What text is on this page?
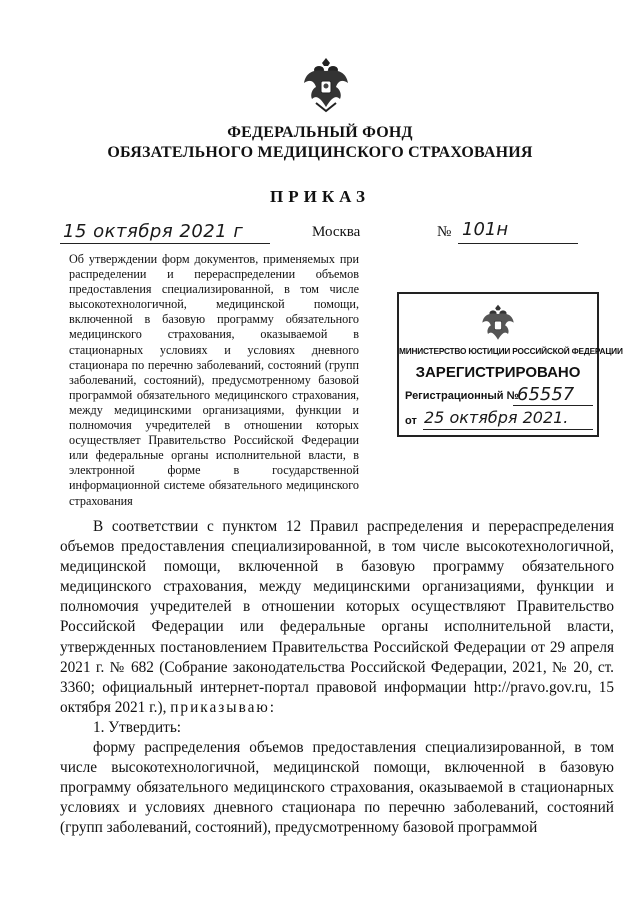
ФЕДЕРАЛЬНЫЙ ФОНД
ОБЯЗАТЕЛЬНОГО МЕДИЦИНСКОГО СТРАХОВАНИЯ
ПРИКАЗ
15 октября 2021 г	Москва	№ 101н
Об утверждении форм документов, применяемых при распределении и перераспределении объемов предоставления специализированной, в том числе высокотехнологичной, медицинской помощи, включенной в базовую программу обязательного медицинского страхования, оказываемой в стационарных условиях и условиях дневного стационара по перечню заболеваний, состояний (групп заболеваний, состояний), предусмотренному базовой программой обязательного медицинского страхования, между медицинскими организациями, функции и полномочия учредителей в отношении которых осуществляет Правительство Российской Федерации или федеральные органы исполнительной власти, в электронной форме в государственной информационной системе обязательного медицинского страхования
МИНИСТЕРСТВО ЮСТИЦИИ РОССИЙСКОЙ ФЕДЕРАЦИИ
ЗАРЕГИСТРИРОВАНО
Регистрационный №
65557
от 25 октября 2021.

В соответствии с пунктом 12 Правил распределения и перераспределения объемов предоставления специализированной, в том числе высокотехнологичной, медицинской помощи, включенной в базовую программу обязательного медицинского страхования, между медицинскими организациями, функции и полномочия учредителей в отношении которых осуществляют Правительство Российской Федерации или федеральные органы исполнительной власти, утвержденных постановлением Правительства Российской Федерации от 29 апреля 2021 г. № 682 (Собрание законодательства Российской Федерации, 2021, № 20, ст. 3360; официальный интернет-портал правовой информации http://pravo.gov.ru, 15 октября 2021 г.), приказываю:

1. Утвердить:

форму распределения объемов предоставления специализированной, в том числе высокотехнологичной, медицинской помощи, включенной в базовую программу обязательного медицинского страхования, оказываемой в стационарных условиях и условиях дневного стационара по перечню заболеваний, состояний (групп заболеваний, состояний), предусмотренному базовой программой
